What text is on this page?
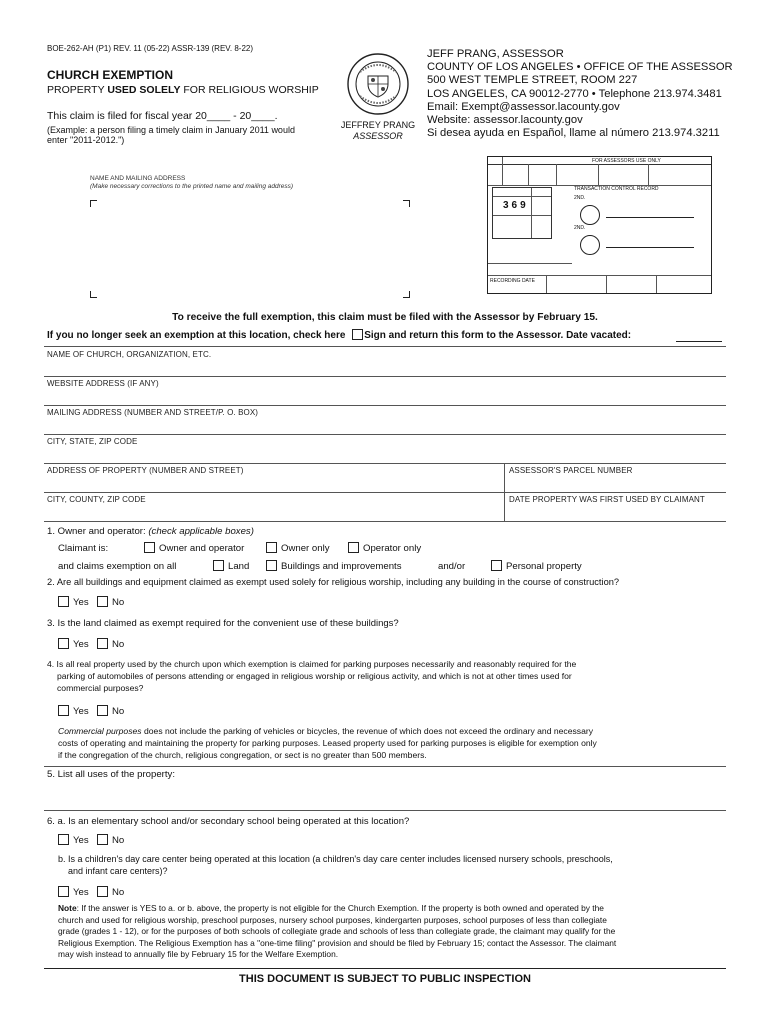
BOE-262-AH (P1) REV. 11 (05-22) ASSR-139 (REV. 8-22)
CHURCH EXEMPTION
PROPERTY USED SOLELY FOR RELIGIOUS WORSHIP
This claim is filed for fiscal year 20____ - 20____.
(Example: a person filing a timely claim in January 2011 would
enter "2011-2012.")
JEFFREY PRANG
ASSESSOR
JEFF PRANG, ASSESSOR
COUNTY OF LOS ANGELES • OFFICE OF THE ASSESSOR
500 WEST TEMPLE STREET, ROOM 227
LOS ANGELES, CA 90012-2770 • Telephone 213.974.3481
Email: Exempt@assessor.lacounty.gov
Website: assessor.lacounty.gov
Si desea ayuda en Español, llame al número 213.974.3211
NAME AND MAILING ADDRESS
(Make necessary corrections to the printed name and mailing address)
FOR ASSESSORS USE ONLY
TRANSACTION CONTROL RECORD
369
2ND.
2ND.
RECORDING DATE
To receive the full exemption, this claim must be filed with the Assessor by February 15.
If you no longer seek an exemption at this location, check here Sign and return this form to the Assessor. Date vacated:
NAME OF CHURCH, ORGANIZATION, ETC.
WEBSITE ADDRESS (IF ANY)
MAILING ADDRESS (NUMBER AND STREET/P. O. BOX)
CITY, STATE, ZIP CODE
ADDRESS OF PROPERTY (NUMBER AND STREET)	ASSESSOR'S PARCEL NUMBER
CITY, COUNTY, ZIP CODE	DATE PROPERTY WAS FIRST USED BY CLAIMANT
1. Owner and operator: (check applicable boxes)
Claimant is:	Owner and operator	Owner only	Operator only
and claims exemption on all	Land	Buildings and improvements	and/or	Personal property
2. Are all buildings and equipment claimed as exempt used solely for religious worship, including any building in the course of construction?
Yes	No
3. Is the land claimed as exempt required for the convenient use of these buildings?
Yes	No
4. Is all real property used by the church upon which exemption is claimed for parking purposes necessarily and reasonably required for the
parking of automobiles of persons attending or engaged in religious worship or religious activity, and which is not at other times used for
commercial purposes?
Yes	No
Commercial purposes does not include the parking of vehicles or bicycles, the revenue of which does not exceed the ordinary and necessary
costs of operating and maintaining the property for parking purposes. Leased property used for parking purposes is eligible for exemption only
if the congregation of the church, religious congregation, or sect is no greater than 500 members.
5. List all uses of the property:
6. a. Is an elementary school and/or secondary school being operated at this location?
Yes	No
b. Is a children's day care center being operated at this location (a children's day care center includes licensed nursery schools, preschools,
and infant care centers)?
Yes	No
Note: If the answer is YES to a. or b. above, the property is not eligible for the Church Exemption. If the property is both owned and operated by the
church and used for religious worship, preschool purposes, nursery school purposes, kindergarten purposes, school purposes of less than collegiate
grade (grades 1 - 12), or for the purposes of both schools of collegiate grade and schools of less than collegiate grade, the claimant may qualify for the
Religious Exemption. The Religious Exemption has a "one-time filing" provision and should be filed by February 15; contact the Assessor. The claimant
may wish instead to annually file by February 15 for the Welfare Exemption.
THIS DOCUMENT IS SUBJECT TO PUBLIC INSPECTION
